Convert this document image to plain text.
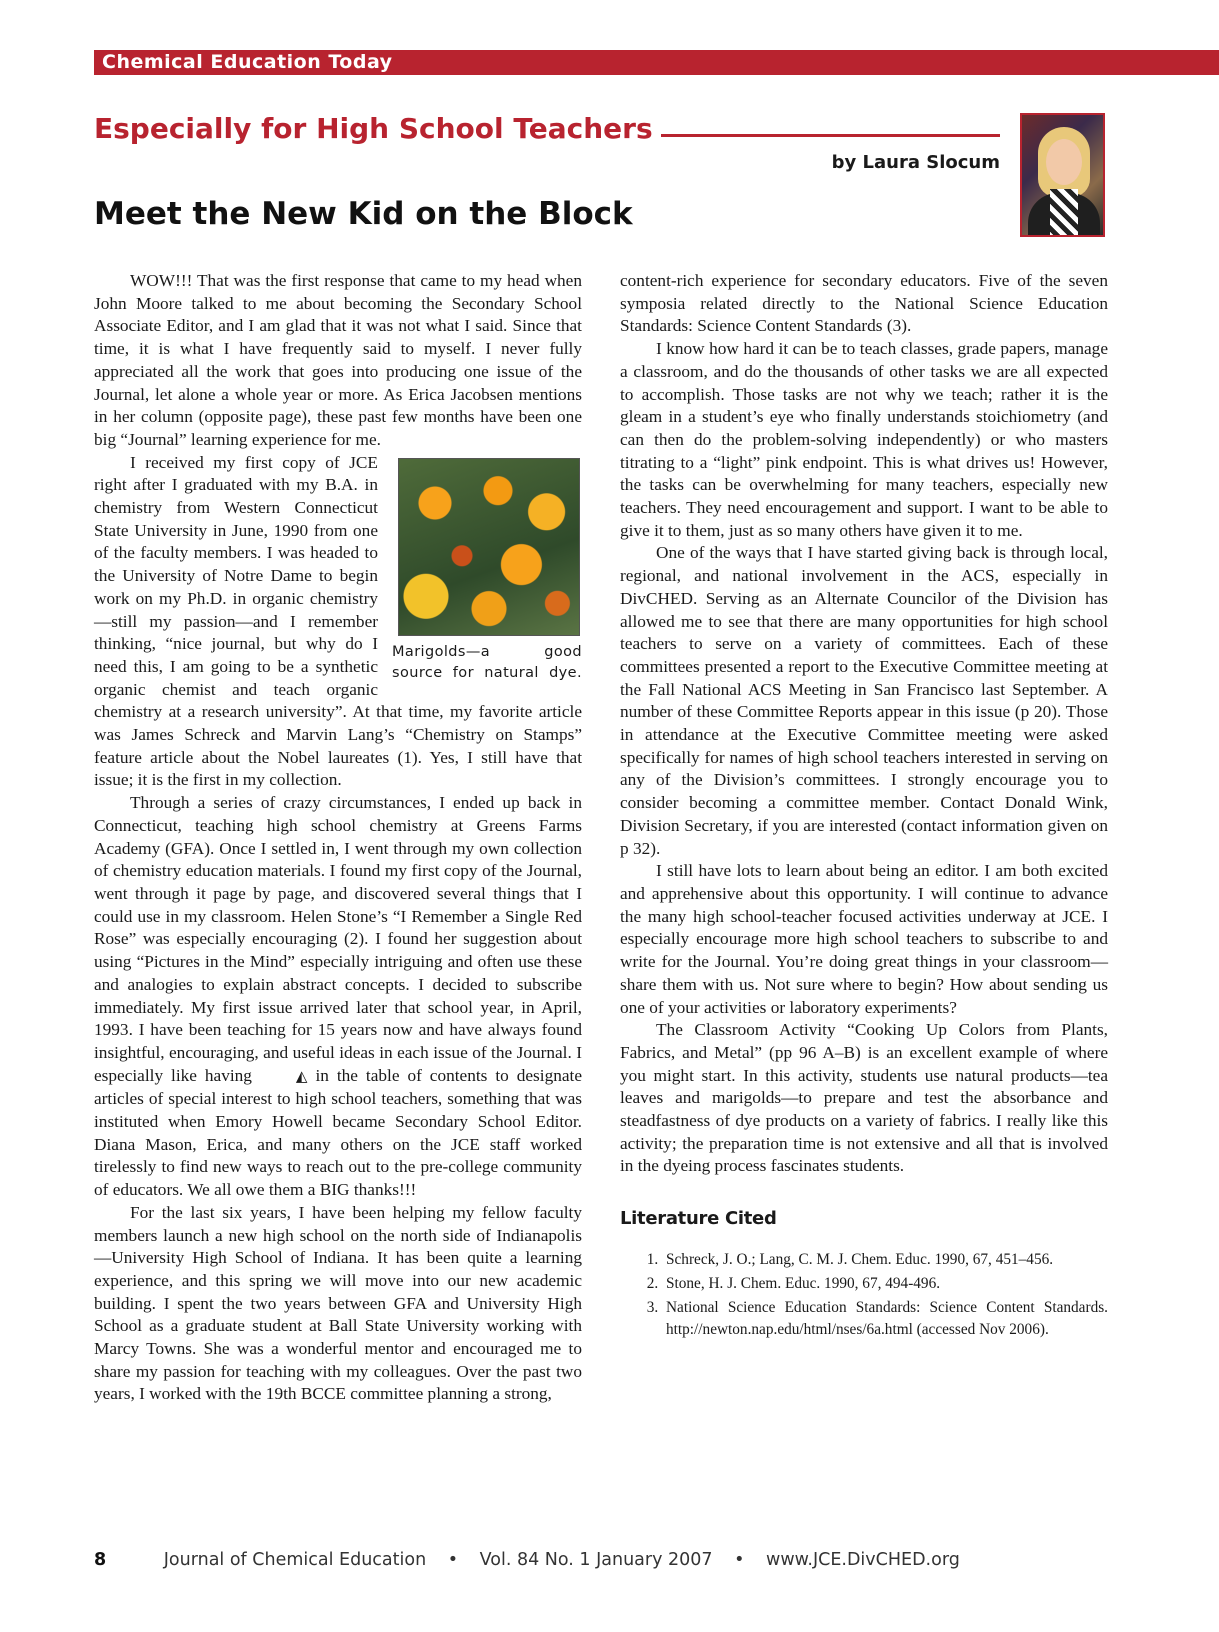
Chemical Education Today
Especially for High School Teachers
by Laura Slocum
Meet the New Kid on the Block

WOW!!! That was the first response that came to my head when John Moore talked to me about becoming the Secondary School Associate Editor, and I am glad that it was not what I said. Since that time, it is what I have frequently said to myself. I never fully appreciated all the work that goes into producing one issue of the Journal, let alone a whole year or more. As Erica Jacobsen mentions in her column (opposite page), these past few months have been one big “Journal” learning experience for me.

Marigolds—a good source for natural dye.

I received my first copy of JCE right after I graduated with my B.A. in chemistry from Western Connecticut State University in June, 1990 from one of the faculty members. I was headed to the University of Notre Dame to begin work on my Ph.D. in organic chemistry—still my passion—and I remember thinking, “nice journal, but why do I need this, I am going to be a synthetic organic chemist and teach organic chemistry at a research university”. At that time, my favorite article was James Schreck and Marvin Lang’s “Chemistry on Stamps” feature article about the Nobel laureates (1). Yes, I still have that issue; it is the first in my collection.

Through a series of crazy circumstances, I ended up back in Connecticut, teaching high school chemistry at Greens Farms Academy (GFA). Once I settled in, I went through my own collection of chemistry education materials. I found my first copy of the Journal, went through it page by page, and discovered several things that I could use in my classroom. Helen Stone’s “I Remember a Single Red Rose” was especially encouraging (2). I found her suggestion about using “Pictures in the Mind” especially intriguing and often use these and analogies to explain abstract concepts. I decided to subscribe immediately. My first issue arrived later that school year, in April, 1993. I have been teaching for 15 years now and have always found insightful, encouraging, and useful ideas in each issue of the Journal. I especially like having	◭ in the table of contents to designate articles of special interest to high school teachers, something that was instituted when Emory Howell became Secondary School Editor. Diana Mason, Erica, and many others on the JCE staff worked tirelessly to find new ways to reach out to the pre-college community of educators. We all owe them a BIG thanks!!!

For the last six years, I have been helping my fellow faculty members launch a new high school on the north side of Indianapolis—University High School of Indiana. It has been quite a learning experience, and this spring we will move into our new academic building. I spent the two years between GFA and University High School as a graduate student at Ball State University working with Marcy Towns. She was a wonderful mentor and encouraged me to share my passion for teaching with my colleagues. Over the past two years, I worked with the 19th BCCE committee planning a strong,

content-rich experience for secondary educators. Five of the seven symposia related directly to the National Science Education Standards: Science Content Standards (3).

I know how hard it can be to teach classes, grade papers, manage a classroom, and do the thousands of other tasks we are all expected to accomplish. Those tasks are not why we teach; rather it is the gleam in a student’s eye who finally understands stoichiometry (and can then do the problem-solving independently) or who masters titrating to a “light” pink endpoint. This is what drives us! However, the tasks can be overwhelming for many teachers, especially new teachers. They need encouragement and support. I want to be able to give it to them, just as so many others have given it to me.

One of the ways that I have started giving back is through local, regional, and national involvement in the ACS, especially in DivCHED. Serving as an Alternate Councilor of the Division has allowed me to see that there are many opportunities for high school teachers to serve on a variety of committees. Each of these committees presented a report to the Executive Committee meeting at the Fall National ACS Meeting in San Francisco last September. A number of these Committee Reports appear in this issue (p 20). Those in attendance at the Executive Committee meeting were asked specifically for names of high school teachers interested in serving on any of the Division’s committees. I strongly encourage you to consider becoming a committee member. Contact Donald Wink, Division Secretary, if you are interested (contact information given on p 32).

I still have lots to learn about being an editor. I am both excited and apprehensive about this opportunity. I will continue to advance the many high school-teacher focused activities underway at JCE. I especially encourage more high school teachers to subscribe to and write for the Journal. You’re doing great things in your classroom—share them with us. Not sure where to begin? How about sending us one of your activities or laboratory experiments?

The Classroom Activity “Cooking Up Colors from Plants, Fabrics, and Metal” (pp 96 A–B) is an excellent example of where you might start. In this activity, students use natural products—tea leaves and marigolds—to prepare and test the absorbance and steadfastness of dye products on a variety of fabrics. I really like this activity; the preparation time is not extensive and all that is involved in the dyeing process fascinates students.

Literature Cited
1. Schreck, J. O.; Lang, C. M. J. Chem. Educ. 1990, 67, 451–456.
2. Stone, H. J. Chem. Educ. 1990, 67, 494-496.
3. National Science Education Standards: Science Content Standards. http://newton.nap.edu/html/nses/6a.html (accessed Nov 2006).
8	Journal of Chemical Education • Vol. 84 No. 1 January 2007 • www.JCE.DivCHED.org
